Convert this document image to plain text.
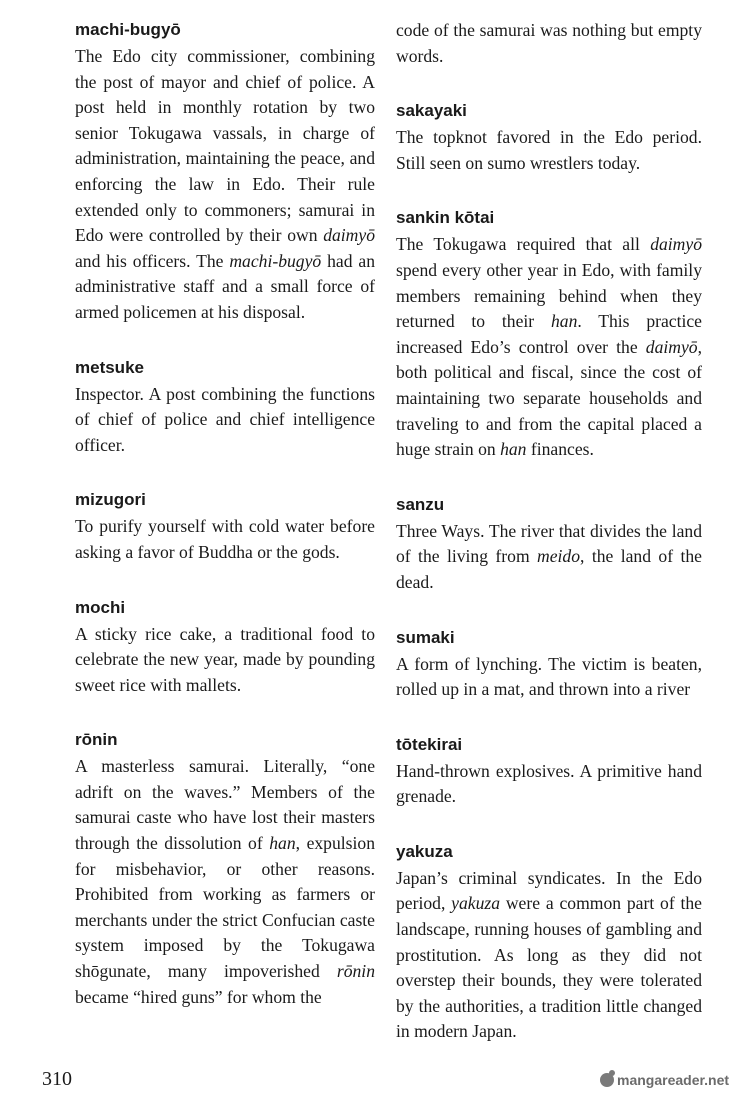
machi-bugyō

The Edo city commissioner, combining the post of mayor and chief of police. A post held in monthly rotation by two senior Tokugawa vassals, in charge of administration, maintaining the peace, and enforcing the law in Edo. Their rule extended only to commoners; samurai in Edo were controlled by their own daimyō and his officers. The machi-bugyō had an administrative staff and a small force of armed policemen at his disposal.

metsuke

Inspector. A post combining the functions of chief of police and chief intelligence officer.

mizugori

To purify yourself with cold water before asking a favor of Buddha or the gods.

mochi

A sticky rice cake, a traditional food to celebrate the new year, made by pounding sweet rice with mallets.

rōnin

A masterless samurai. Literally, “one adrift on the waves.” Members of the samurai caste who have lost their masters through the dissolution of han, expulsion for misbehavior, or other reasons. Prohibited from working as farmers or merchants under the strict Confucian caste system imposed by the Tokugawa shōgunate, many impoverished rōnin became “hired guns” for whom the

code of the samurai was nothing but empty words.

sakayaki

The topknot favored in the Edo period. Still seen on sumo wrestlers today.

sankin kōtai

The Tokugawa required that all daimyō spend every other year in Edo, with family members remaining behind when they returned to their han. This practice increased Edo’s control over the daimyō, both political and fiscal, since the cost of maintaining two separate households and traveling to and from the capital placed a huge strain on han finances.

sanzu

Three Ways. The river that divides the land of the living from meido, the land of the dead.

sumaki

A form of lynching. The victim is beaten, rolled up in a mat, and thrown into a river

tōtekirai

Hand-thrown explosives. A primitive hand grenade.

yakuza

Japan’s criminal syndicates. In the Edo period, yakuza were a common part of the landscape, running houses of gambling and prostitution. As long as they did not overstep their bounds, they were tolerated by the authorities, a tradition little changed in modern Japan.

310	mangareader.net
